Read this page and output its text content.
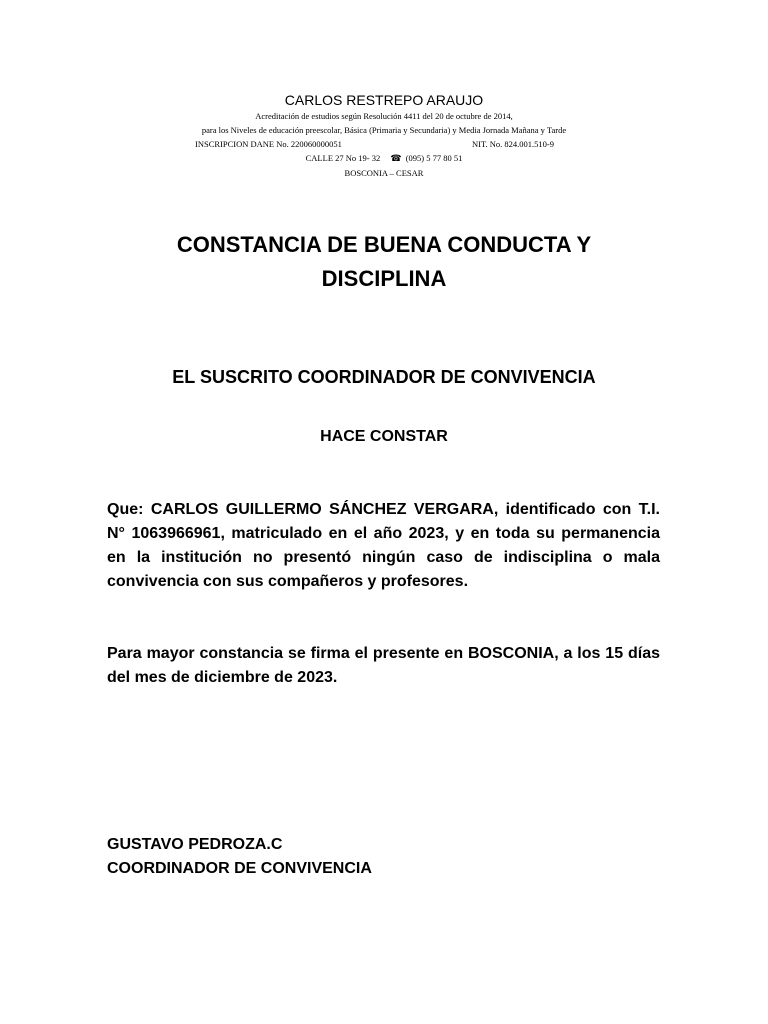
CARLOS RESTREPO ARAUJO
Acreditación de estudios según Resolución 4411 del 20 de octubre de 2014,
para los Niveles de educación preescolar, Básica (Primaria y Secundaria) y Media Jornada Mañana y Tarde
INSCRIPCION DANE No. 220060000051	NIT. No. 824.001.510-9
CALLE 27 No 19- 32 ☎ (095) 5 77 80 51
BOSCONIA – CESAR
CONSTANCIA DE BUENA CONDUCTA Y
DISCIPLINA
EL SUSCRITO COORDINADOR DE CONVIVENCIA
HACE CONSTAR

Que: CARLOS GUILLERMO SÁNCHEZ VERGARA, identificado con T.I. N° 1063966961, matriculado en el año 2023, y en toda su permanencia en la institución no presentó ningún caso de indisciplina o mala convivencia con sus compañeros y profesores.

Para mayor constancia se firma el presente en BOSCONIA, a los 15 días del mes de diciembre de 2023.

GUSTAVO PEDROZA.C
COORDINADOR DE CONVIVENCIA
